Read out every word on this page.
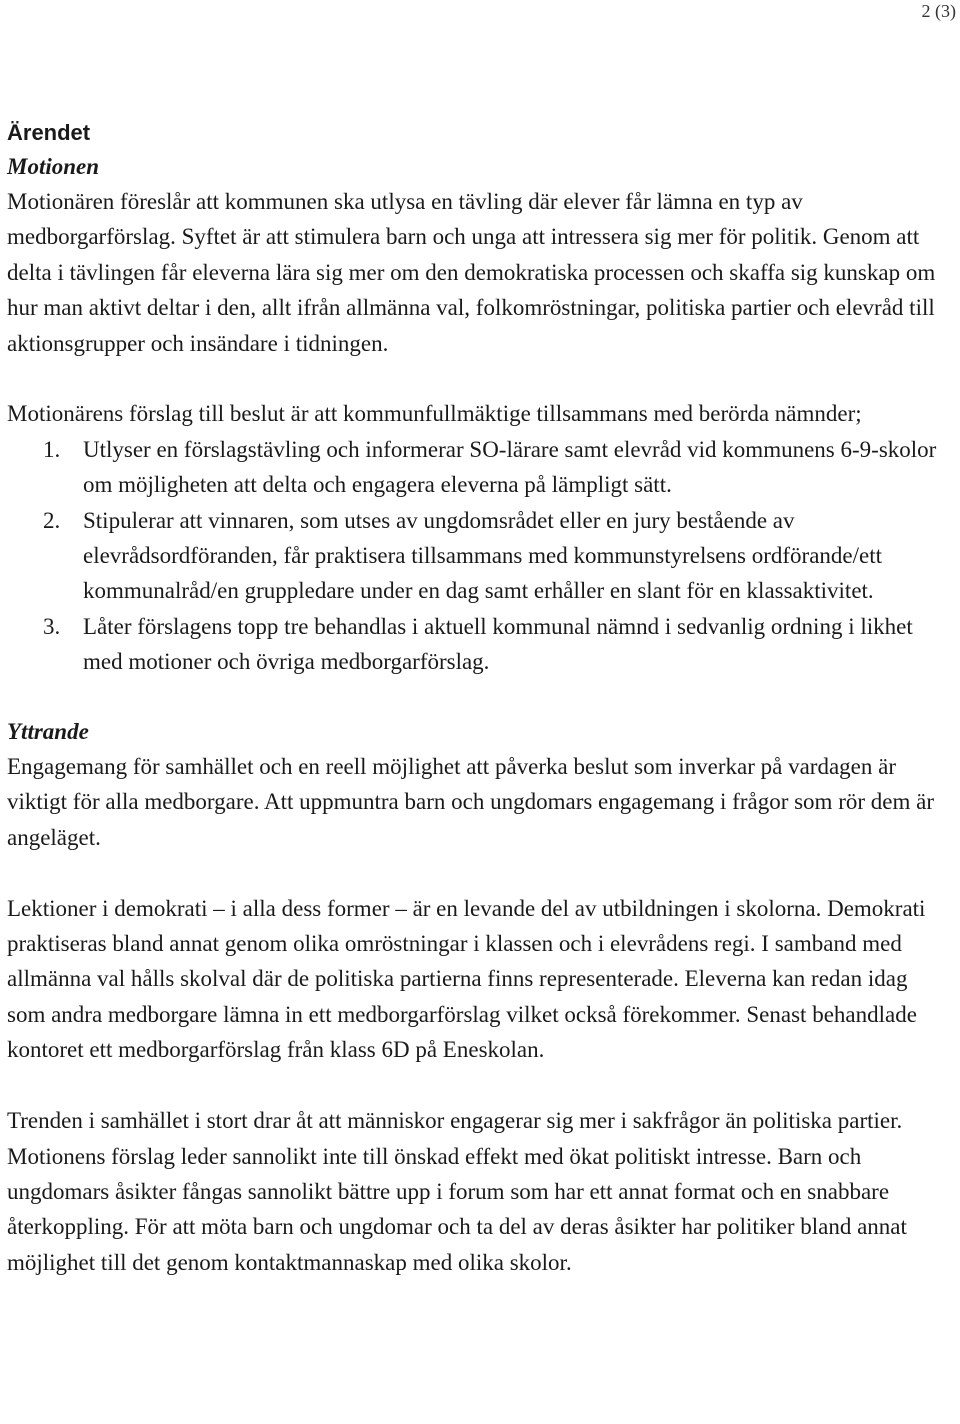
2 (3)
Ärendet
Motionen

Motionären föreslår att kommunen ska utlysa en tävling där elever får lämna en typ av medborgarförslag. Syftet är att stimulera barn och unga att intressera sig mer för politik. Genom att delta i tävlingen får eleverna lära sig mer om den demokratiska processen och skaffa sig kunskap om hur man aktivt deltar i den, allt ifrån allmänna val, folkomröstningar, politiska partier och elevråd till aktionsgrupper och insändare i tidningen.

Motionärens förslag till beslut är att kommunfullmäktige tillsammans med berörda nämnder;

1. Utlyser en förslagstävling och informerar SO-lärare samt elevråd vid kommunens 6-9-skolor om möjligheten att delta och engagera eleverna på lämpligt sätt.
2. Stipulerar att vinnaren, som utses av ungdomsrådet eller en jury bestående av elevrådsordföranden, får praktisera tillsammans med kommunstyrelsens ordförande/ett kommunalråd/en gruppledare under en dag samt erhåller en slant för en klassaktivitet.
3. Låter förslagens topp tre behandlas i aktuell kommunal nämnd i sedvanlig ordning i likhet med motioner och övriga medborgarförslag.
Yttrande

Engagemang för samhället och en reell möjlighet att påverka beslut som inverkar på vardagen är viktigt för alla medborgare. Att uppmuntra barn och ungdomars engagemang i frågor som rör dem är angeläget.

Lektioner i demokrati – i alla dess former – är en levande del av utbildningen i skolorna. Demokrati praktiseras bland annat genom olika omröstningar i klassen och i elevrådens regi. I samband med allmänna val hålls skolval där de politiska partierna finns representerade. Eleverna kan redan idag som andra medborgare lämna in ett medborgarförslag vilket också förekommer. Senast behandlade kontoret ett medborgarförslag från klass 6D på Eneskolan.

Trenden i samhället i stort drar åt att människor engagerar sig mer i sakfrågor än politiska partier. Motionens förslag leder sannolikt inte till önskad effekt med ökat politiskt intresse. Barn och ungdomars åsikter fångas sannolikt bättre upp i forum som har ett annat format och en snabbare återkoppling. För att möta barn och ungdomar och ta del av deras åsikter har politiker bland annat möjlighet till det genom kontaktmannaskap med olika skolor.
